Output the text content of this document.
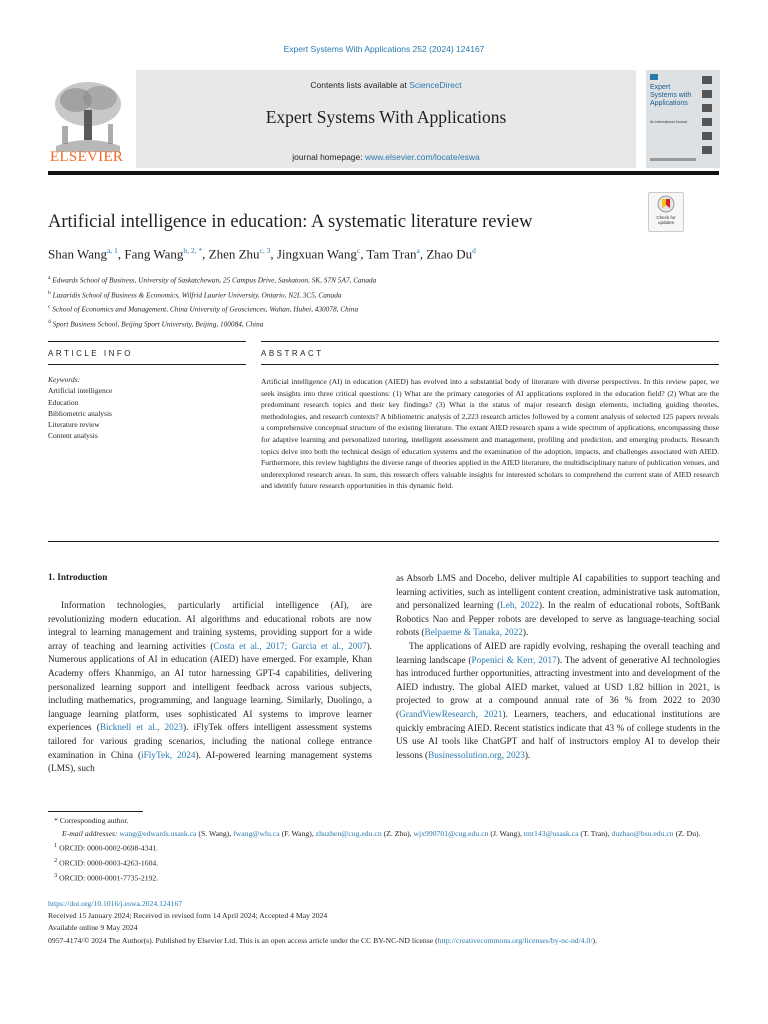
Expert Systems With Applications 252 (2024) 124167
ELSEVIER
Contents lists available at ScienceDirect
Expert Systems With Applications
journal homepage: www.elsevier.com/locate/eswa
Expert Systems with Applications
An International Journal
Artificial intelligence in education: A systematic literature review	Check for updates
Shan Wang$^{a, 1}$, Fang Wang$^{b, 2, *}$, Zhen Zhu$^{c, 3}$, Jingxuan Wang$^c$, Tam Tran$^a$, Zhao Du$^d$
$^a$ Edwards School of Business, University of Saskatchewan, 25 Campus Drive, Saskatoon, SK, S7N 5A7, Canada
$^b$ Lazaridis School of Business & Economics, Wilfrid Laurier University, Ontario, N2L 3C5, Canada
$^c$ School of Economics and Management, China University of Geosciences, Wuhan, Hubei, 430078, China
$^d$ Sport Business School, Beijing Sport University, Beijing, 100084, China
ARTICLE INFO	ABSTRACT
Keywords:
Artificial intelligence
Education
Bibliometric analysis
Literature review
Content analysis
Artificial intelligence (AI) in education (AIED) has evolved into a substantial body of literature with diverse perspectives. In this review paper, we seek insights into three critical questions: (1) What are the primary categories of AI applications explored in the education field? (2) What are the predominant research topics and their key findings? (3) What is the status of major research design elements, including guiding theories, methodologies, and research contexts? A bibliometric analysis of 2,223 research articles followed by a content analysis of selected 125 papers reveals a comprehensive conceptual structure of the existing literature. The extant AIED research spans a wide spectrum of applications, encompassing those for adaptive learning and personalized tutoring, intelligent assessment and management, profiling and prediction, and emerging products. Research topics delve into both the technical design of education systems and the examination of the adoption, impacts, and challenges associated with AIED. Furthermore, this review highlights the diverse range of theories applied in the AIED literature, the multidisciplinary nature of publication venues, and underexplored research areas. In sum, this research offers valuable insights for interested scholars to comprehend the current state of AIED research and identify future research opportunities in this dynamic field.

Information technologies, particularly artificial intelligence (AI), are revolutionizing modern education. AI algorithms and educational robots are now integral to learning management and training systems, providing support for a wide array of teaching and learning activities (Costa et al., 2017; Garcia et al., 2007). Numerous applications of AI in education (AIED) have emerged. For example, Khan Academy offers Khanmigo, an AI tutor harnessing GPT-4 capabilities, delivering personalized learning support and intelligent feedback across various subjects, including mathematics, programming, and language learning. Similarly, Duolingo, a language learning platform, uses sophisticated AI systems to improve learner experiences (Bicknell et al., 2023). iFlyTek offers intelligent assessment systems tailored for various grading scenarios, including the national college entrance examination in China (iFlyTek, 2024). AI-powered learning management systems (LMS), such

1. Introduction	as Absorb LMS and Docebo, deliver multiple AI capabilities to support teaching and learning activities, such as intelligent content creation, administrative task automation, and personalized learning (Leh, 2022). In the realm of educational robots, SoftBank Robotics Nao and Pepper robots are developed to serve as language-teaching social robots (Belpaeme & Tanaka, 2022).

The applications of AIED are rapidly evolving, reshaping the overall teaching and learning landscape (Popenici & Kerr, 2017). The advent of generative AI technologies has introduced further opportunities, attracting investment into and development of the AIED industry. The global AIED market, valued at USD 1.82 billion in 2021, is projected to grow at a compound annual rate of 36 % from 2022 to 2030 (GrandViewResearch, 2021). Learners, teachers, and educational institutions are quickly embracing AIED. Recent statistics indicate that 43 % of college students in the US use AI tools like ChatGPT and half of instructors employ AI to develop their lessons (Businessolution.org, 2023).

* Corresponding author.
E-mail addresses: wang@edwards.usask.ca (S. Wang), fwang@wlu.ca (F. Wang), zhuzhen@cug.edu.cn (Z. Zhu), wjx990701@cug.edu.cn (J. Wang), tmt143@usask.ca (T. Tran), duzhao@bsu.edu.cn (Z. Du).
$^1$ ORCID: 0000-0002-0698-4341.
$^2$ ORCID: 0000-0003-4263-1604.
$^3$ ORCID: 0000-0001-7735-2192.
https://doi.org/10.1016/j.eswa.2024.124167
Received 15 January 2024; Received in revised form 14 April 2024; Accepted 4 May 2024
Available online 9 May 2024
0957-4174/© 2024 The Author(s). Published by Elsevier Ltd. This is an open access article under the CC BY-NC-ND license (http://creativecommons.org/licenses/by-nc-nd/4.0/).
